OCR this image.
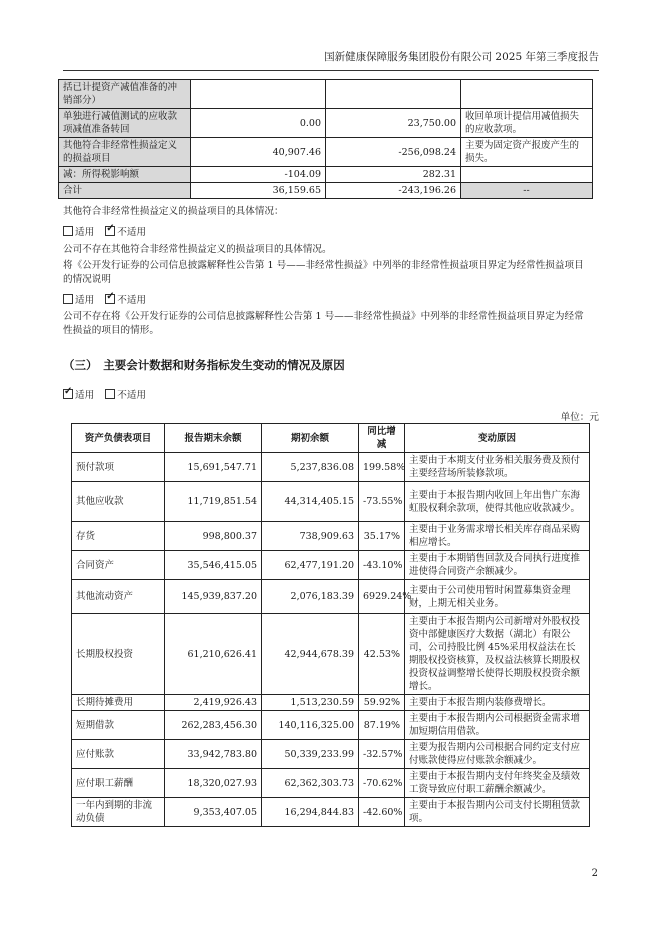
国新健康保障服务集团股份有限公司 2025 年第三季度报告
括已计提资产减值准备的冲销部分）			
单独进行减值测试的应收款项减值准备转回	0.00	23,750.00	收回单项计提信用减值损失的应收款项。
其他符合非经常性损益定义的损益项目	40,907.46	-256,098.24	主要为固定资产报废产生的损失。
减：所得税影响额	-104.09	282.31	
合计	36,159.65	-243,196.26	--
其他符合非经常性损益定义的损益项目的具体情况：
适用 ✓ 不适用
公司不存在其他符合非经常性损益定义的损益项目的具体情况。
将《公开发行证券的公司信息披露解释性公告第 1 号——非经常性损益》中列举的非经常性损益项目界定为经常性损益项目的情况说明
适用 ✓ 不适用
公司不存在将《公开发行证券的公司信息披露解释性公告第 1 号——非经常性损益》中列举的非经常性损益项目界定为经常性损益的项目的情形。
（三）　主要会计数据和财务指标发生变动的情况及原因
✓适用 不适用
单位：元
资产负债表项目	报告期末余额	期初余额	同比增减	变动原因
预付款项	15,691,547.71	5,237,836.08	199.58%	主要由于本期支付业务相关服务费及预付主要经营场所装修款项。
其他应收款	11,719,851.54	44,314,405.15	-73.55%	主要由于本报告期内收回上年出售广东海虹股权剩余款项，使得其他应收款减少。
存货	998,800.37	738,909.63	35.17%	主要由于业务需求增长相关库存商品采购相应增长。
合同资产	35,546,415.05	62,477,191.20	-43.10%	主要由于本期销售回款及合同执行进度推进使得合同资产余额减少。
其他流动资产	145,939,837.20	2,076,183.39	6929.24%	主要由于公司使用暂时闲置募集资金理财，上期无相关业务。
长期股权投资	61,210,626.41	42,944,678.39	42.53%	主要由于本报告期内公司新增对外股权投资中部健康医疗大数据（湖北）有限公司，公司持股比例 45%采用权益法在长期股权投资核算，及权益法核算长期股权投资权益调整增长使得长期股权投资余额增长。
长期待摊费用	2,419,926.43	1,513,230.59	59.92%	主要由于本报告期内装修费增长。
短期借款	262,283,456.30	140,116,325.00	87.19%	主要由于本报告期内公司根据资金需求增加短期信用借款。
应付账款	33,942,783.80	50,339,233.99	-32.57%	主要为报告期内公司根据合同约定支付应付账款使得应付账款余额减少。
应付职工薪酬	18,320,027.93	62,362,303.73	-70.62%	主要由于本报告期内支付年终奖金及绩效工资导致应付职工薪酬余额减少。
一年内到期的非流动负债	9,353,407.05	16,294,844.83	-42.60%	主要由于本报告期内公司支付长期租赁款项。
2
